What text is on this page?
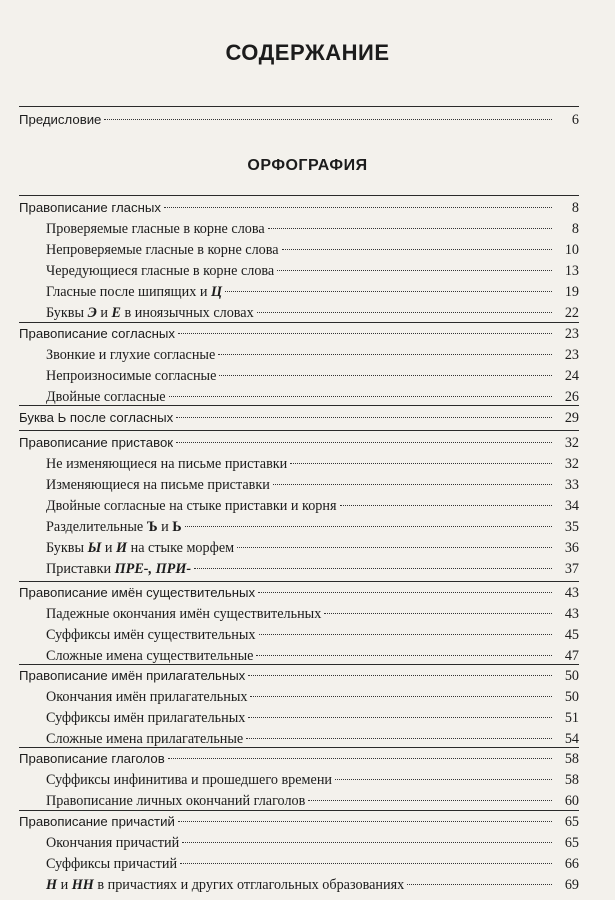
СОДЕРЖАНИЕ
Предисловие	6
ОРФОГРАФИЯ
Правописание гласных	8
Проверяемые гласные в корне слова	8
Непроверяемые гласные в корне слова	10
Чередующиеся гласные в корне слова	13
Гласные после шипящих и Ц	19
Буквы Э и Е в иноязычных словах	22
Правописание согласных	23
Звонкие и глухие согласные	23
Непроизносимые согласные	24
Двойные согласные	26
Буква Ь после согласных	29
Правописание приставок	32
Не изменяющиеся на письме приставки	32
Изменяющиеся на письме приставки	33
Двойные согласные на стыке приставки и корня	34
Разделительные Ъ и Ь	35
Буквы Ы и И на стыке морфем	36
Приставки ПРЕ-, ПРИ-	37
Правописание имён существительных	43
Падежные окончания имён существительных	43
Суффиксы имён существительных	45
Сложные имена существительные	47
Правописание имён прилагательных	50
Окончания имён прилагательных	50
Суффиксы имён прилагательных	51
Сложные имена прилагательные	54
Правописание глаголов	58
Суффиксы инфинитива и прошедшего времени	58
Правописание личных окончаний глаголов	60
Правописание причастий	65
Окончания причастий	65
Суффиксы причастий	66
Н и НН в причастиях и других отглагольных образованиях	69
